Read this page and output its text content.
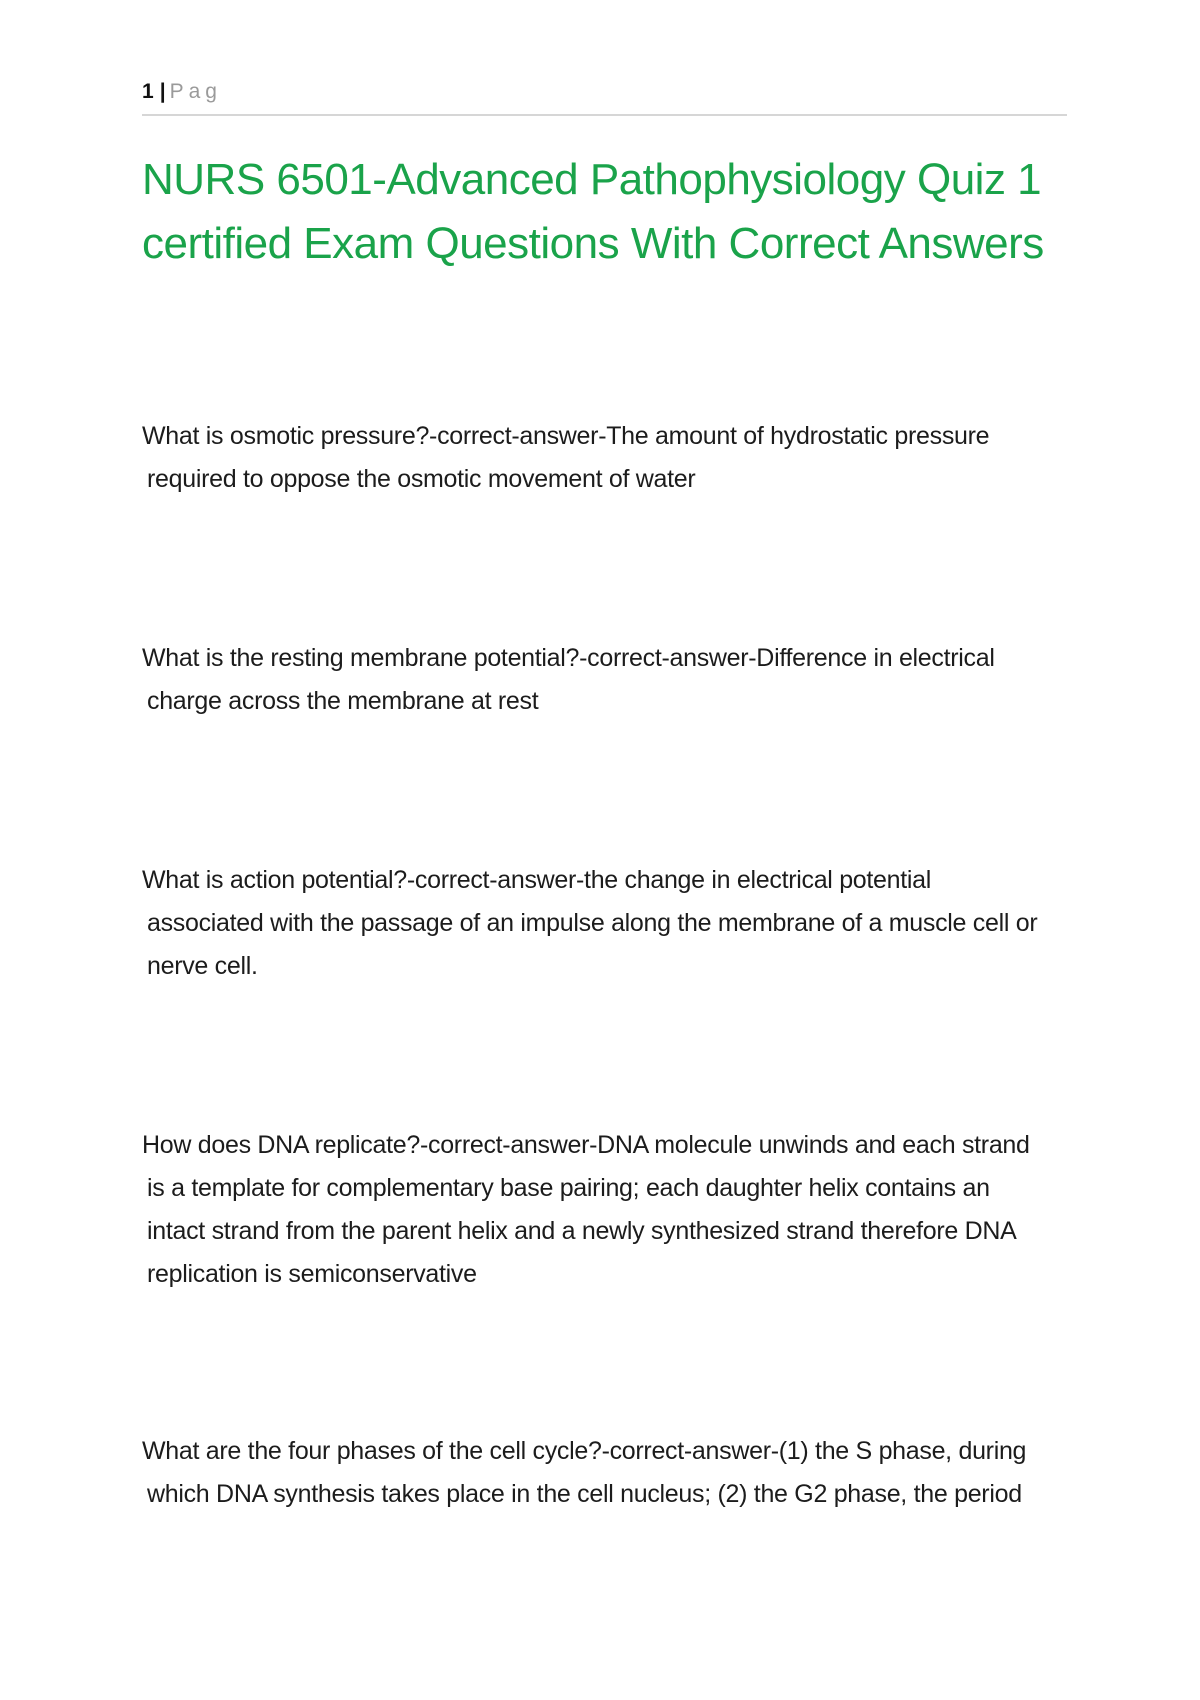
1 | Pag
NURS 6501-Advanced Pathophysiology Quiz 1
certified Exam Questions With Correct Answers

What is osmotic pressure?-correct-answer-The amount of hydrostatic pressure
required to oppose the osmotic movement of water

What is the resting membrane potential?-correct-answer-Difference in electrical
charge across the membrane at rest

What is action potential?-correct-answer-the change in electrical potential
associated with the passage of an impulse along the membrane of a muscle cell or
nerve cell.

How does DNA replicate?-correct-answer-DNA molecule unwinds and each strand
is a template for complementary base pairing; each daughter helix contains an
intact strand from the parent helix and a newly synthesized strand therefore DNA
replication is semiconservative

What are the four phases of the cell cycle?-correct-answer-(1) the S phase, during
which DNA synthesis takes place in the cell nucleus; (2) the G2 phase, the period
